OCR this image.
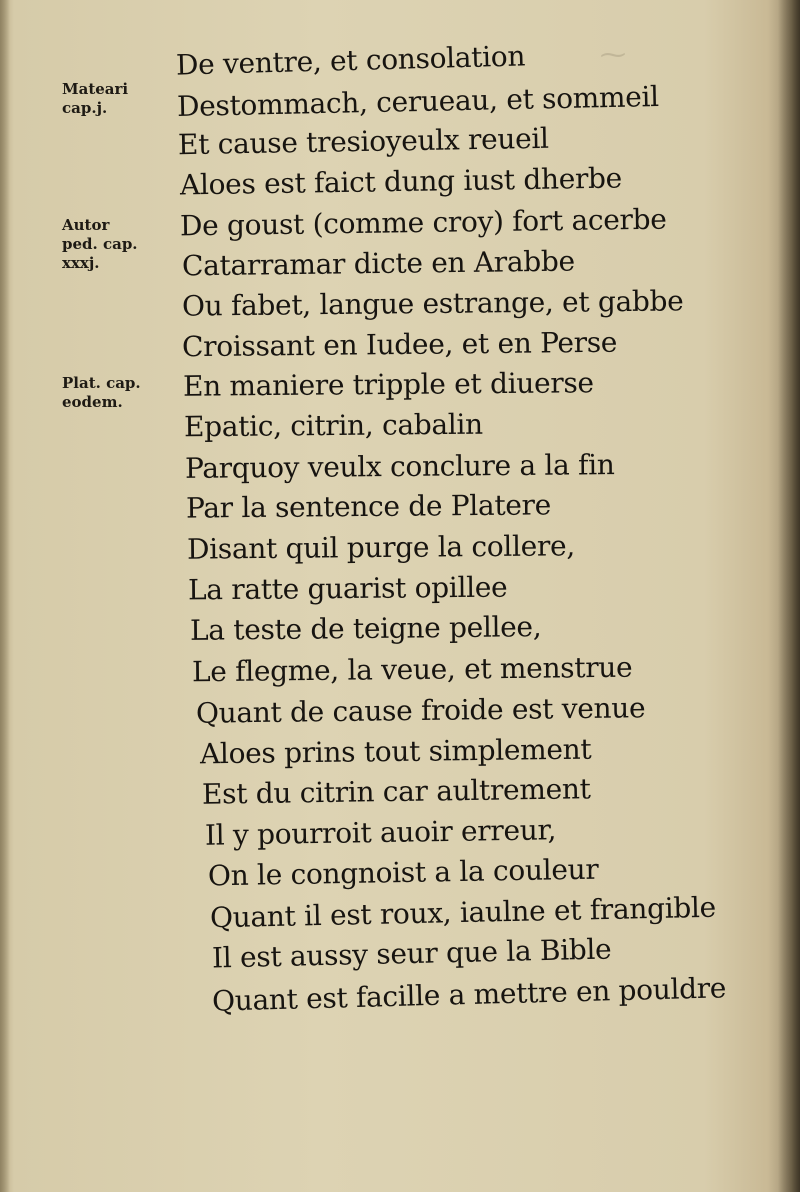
⁓
Mateari
cap.j.
Autor
ped. cap.
xxxj.
Plat. cap.
eodem.
De ventre, et consolation
Destommach, cerueau, et sommeil
Et cause tresioyeulx reueil
Aloes est faict dung iust dherbe
De goust (comme croy) fort acerbe
Catarramar dicte en Arabbe
Ou fabet, langue estrange, et gabbe
Croissant en Iudee, et en Perse
En maniere tripple et diuerse
Epatic, citrin, cabalin
Parquoy veulx conclure a la fin
Par la sentence de Platere
Disant quil purge la collere,
La ratte guarist opillee
La teste de teigne pellee,
Le flegme, la veue, et menstrue
Quant de cause froide est venue
Aloes prins tout simplement
Est du citrin car aultrement
Il y pourroit auoir erreur,
On le congnoist a la couleur
Quant il est roux, iaulne et frangible
Il est aussy seur que la Bible
Quant est facille a mettre en pouldre
